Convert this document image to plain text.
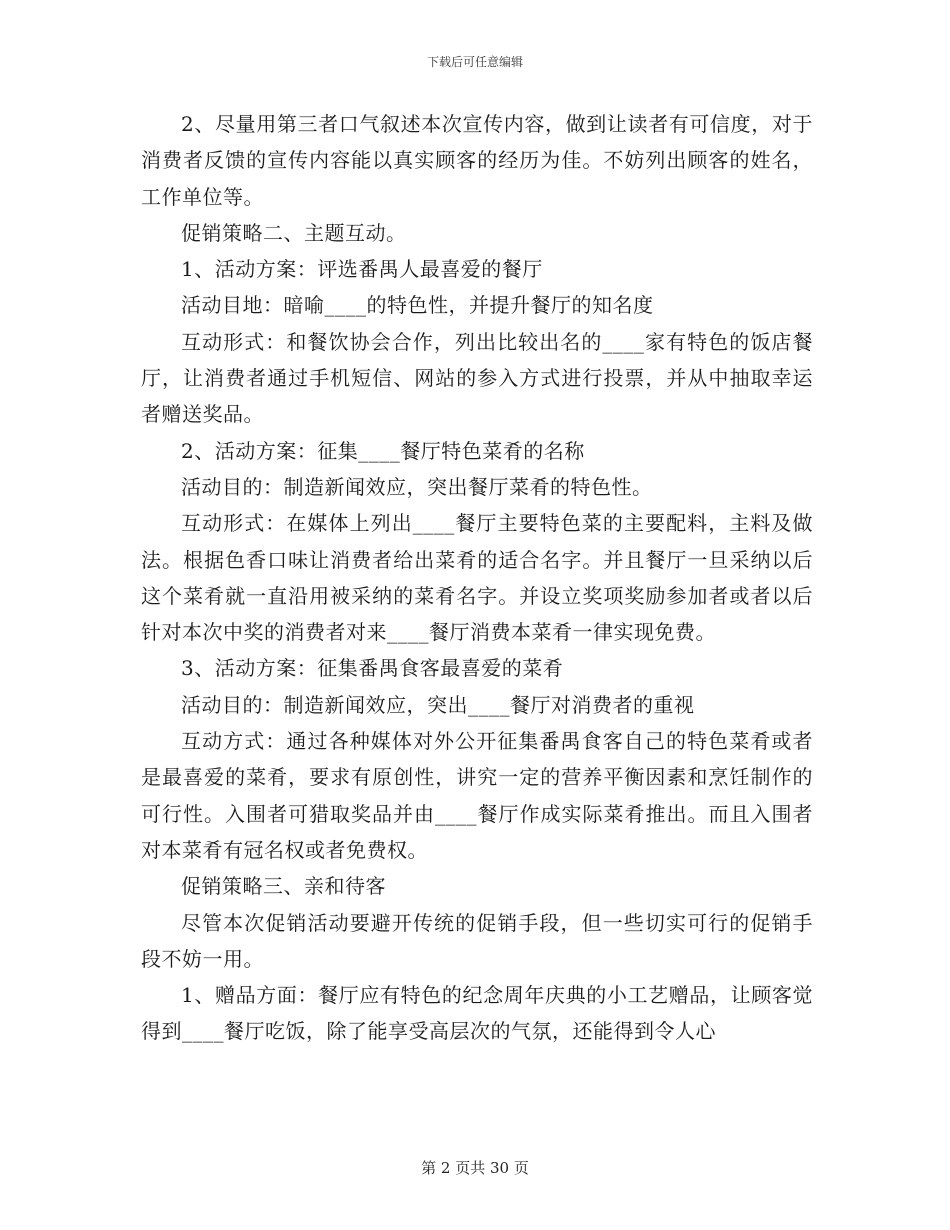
下载后可任意编辑

2、尽量用第三者口气叙述本次宣传内容，做到让读者有可信度，对于消费者反馈的宣传内容能以真实顾客的经历为佳。不妨列出顾客的姓名，工作单位等。

促销策略二、主题互动。

1、活动方案：评选番禺人最喜爱的餐厅

活动目地：暗喻____的特色性，并提升餐厅的知名度

互动形式：和餐饮协会合作，列出比较出名的____家有特色的饭店餐厅，让消费者通过手机短信、网站的参入方式进行投票，并从中抽取幸运者赠送奖品。

2、活动方案：征集____餐厅特色菜肴的名称

活动目的：制造新闻效应，突出餐厅菜肴的特色性。

互动形式：在媒体上列出____餐厅主要特色菜的主要配料，主料及做法。根据色香口味让消费者给出菜肴的适合名字。并且餐厅一旦采纳以后这个菜肴就一直沿用被采纳的菜肴名字。并设立奖项奖励参加者或者以后针对本次中奖的消费者对来____餐厅消费本菜肴一律实现免费。

3、活动方案：征集番禺食客最喜爱的菜肴

活动目的：制造新闻效应，突出____餐厅对消费者的重视

互动方式：通过各种媒体对外公开征集番禺食客自己的特色菜肴或者是最喜爱的菜肴，要求有原创性，讲究一定的营养平衡因素和烹饪制作的可行性。入围者可猎取奖品并由____餐厅作成实际菜肴推出。而且入围者对本菜肴有冠名权或者免费权。

促销策略三、亲和待客

尽管本次促销活动要避开传统的促销手段，但一些切实可行的促销手段不妨一用。

1、赠品方面：餐厅应有特色的纪念周年庆典的小工艺赠品，让顾客觉得到____餐厅吃饭，除了能享受高层次的气氛，还能得到令人心

第 2 页共 30 页
